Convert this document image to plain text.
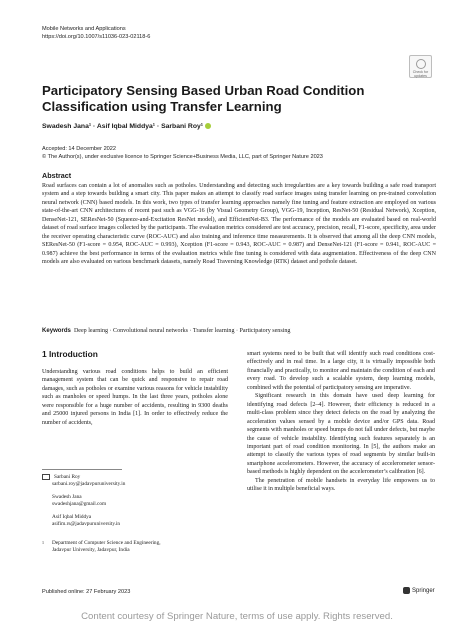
Mobile Networks and Applications
https://doi.org/10.1007/s11036-023-02118-6
Check for updates
Participatory Sensing Based Urban Road Condition Classification using Transfer Learning
Swadesh Jana¹ · Asif Iqbal Middya¹ · Sarbani Roy¹
Accepted: 14 December 2022
© The Author(s), under exclusive licence to Springer Science+Business Media, LLC, part of Springer Nature 2023
Abstract
Road surfaces can contain a lot of anomalies such as potholes. Understanding and detecting such irregularities are a key towards building a safe road transport system and a step towards building a smart city. This paper makes an attempt to classify road surface images using transfer learning on pre-trained convolution neural network (CNN) based models. In this work, two types of transfer learning approaches namely fine tuning and feature extraction are employed on various state-of-the-art CNN architectures of recent past such as VGG-16 (by Visual Geometry Group), VGG-19, Inception, ResNet-50 (Residual Network), Xception, DenseNet-121, SEResNet-50 (Squeeze-and-Excitation ResNet model), and EfficientNet-B3. The performance of the models are evaluated based on real-world dataset of road surface images collected by the participants. The evaluation metrics considered are test accuracy, precision, recall, F1-score, specificity, area under the receiver operating characteristic curve (ROC-AUC) and also training and inference time measurements. It is observed that among all the deep CNN models, SEResNet-50 (F1-score = 0.954, ROC-AUC = 0.993), Xception (F1-score = 0.943, ROC-AUC = 0.987) and DenseNet-121 (F1-score = 0.941, ROC-AUC = 0.987) achieve the best performance in terms of the evaluation metrics while fine tuning is considered with data augmentation. Effectiveness of the deep CNN models are also evaluated on various benchmark datasets, namely Road Traversing Knowledge (RTK) dataset and pothole dataset.
Keywords Deep learning · Convolutional neural networks · Transfer learning · Participatory sensing
1 Introduction

Understanding various road conditions helps to build an efficient management system that can be quick and responsive to repair road damages, such as potholes or examine various reasons for vehicle instability such as manholes or speed humps. In the last three years, potholes alone were responsible for a huge number of accidents, resulting in 9300 deaths and 25000 injured persons in India [1]. In order to effectively reduce the number of accidents,

smart systems need to be built that will identify such road conditions cost-effectively and in real time. In a large city, it is virtually impossible both financially and practically, to monitor and maintain the condition of each and every road. To develop such a scalable system, deep learning models, combined with the potential of participatory sensing are imperative.

Significant research in this domain have used deep learning for identifying road defects [2–4]. However, their efficiency is reduced in a multi-class problem since they detect defects on the road by analyzing the acceleration values sensed by a mobile device and/or GPS data. Road segments with manholes or speed bumps do not fall under defects, but maybe the cause of vehicle instability. Identifying such features separately is an important part of road condition monitoring. In [5], the authors make an attempt to classify the various types of road segments by similar built-in smartphone accelerometers. However, the accuracy of accelerometer sensor-based methods is highly dependent on the accelerometer’s calibration [6].

The penetration of mobile handsets in everyday life empowers us to utilise it in multiple beneficial ways.

Sarbani Roy
sarbani.roy@jadavpuruniversity.in
Swadesh Jana
swadeshjana@gmail.com
Asif Iqbal Middya
asifim.rs@jadavpuruniversity.in
1 Department of Computer Science and Engineering,
Jadavpur University, Jadavpur, India
Published online: 27 February 2023	Springer
Content courtesy of Springer Nature, terms of use apply. Rights reserved.
